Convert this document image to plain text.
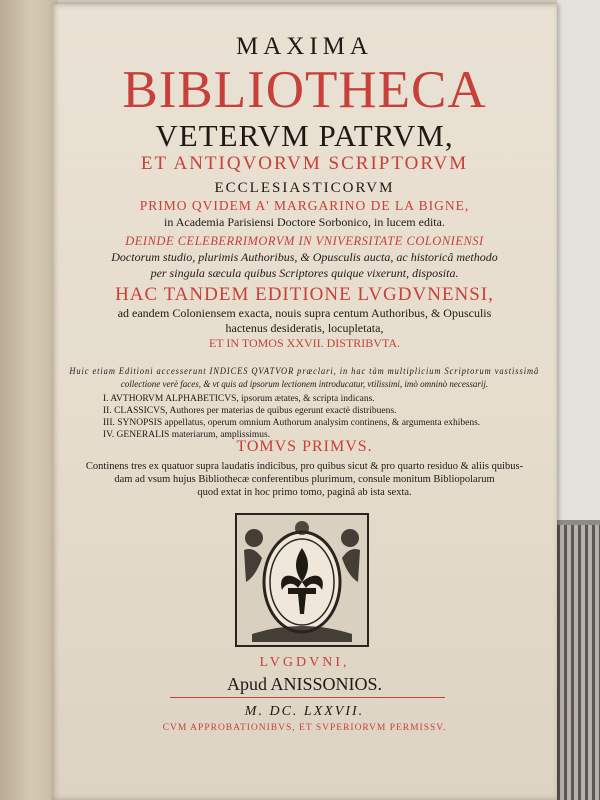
MAXIMA
BIBLIOTHECA
VETERVM PATRVM,
ET ANTIQVORVM SCRIPTORVM
ECCLESIASTICORVM
PRIMO QVIDEM A' MARGARINO DE LA BIGNE,
in Academia Parisiensi Doctore Sorbonico, in lucem edita.
DEINDE CELEBERRIMORVM IN VNIVERSITATE COLONIENSI
Doctorum studio, plurimis Authoribus, & Opusculis aucta, ac historicâ methodo
per singula sæcula quibus Scriptores quique vixerunt, disposita.
HAC TANDEM EDITIONE LVGDVNENSI,
ad eandem Coloniensem exacta, nouis supra centum Authoribus, & Opusculis
hactenus desideratis, locupletata,
ET IN TOMOS XXVII. DISTRIBVTA.
Huic etiam Editioni accesserunt INDICES QVATVOR præclari, in hac tàm multiplicium Scriptorum vastissimâ
collectione verè faces, & vt quis ad ipsorum lectionem introducatur, vtilissimi, imò omninò necessarij.
I. AVTHORVM ALPHABETICVS, ipsorum ætates, & scripta indicans.
II. CLASSICVS, Authores per materias de quibus egerunt exactè distribuens.
III. SYNOPSIS appellatus, operum omnium Authorum analysim continens, & argumenta exhibens.
IV. GENERALIS materiarum, amplissimus.
TOMVS PRIMVS.
Continens tres ex quatuor supra laudatis indicibus, pro quibus sicut & pro quarto residuo & aliis quibus-
dam ad vsum hujus Bibliothecæ conferentibus plurimum, consule monitum Bibliopolarum
quod extat in hoc primo tomo, paginâ ab ista sexta.
LVGDVNI,
Apud ANISSONIOS.
M. DC. LXXVII.
CVM APPROBATIONIBVS, ET SVPERIORVM PERMISSV.
